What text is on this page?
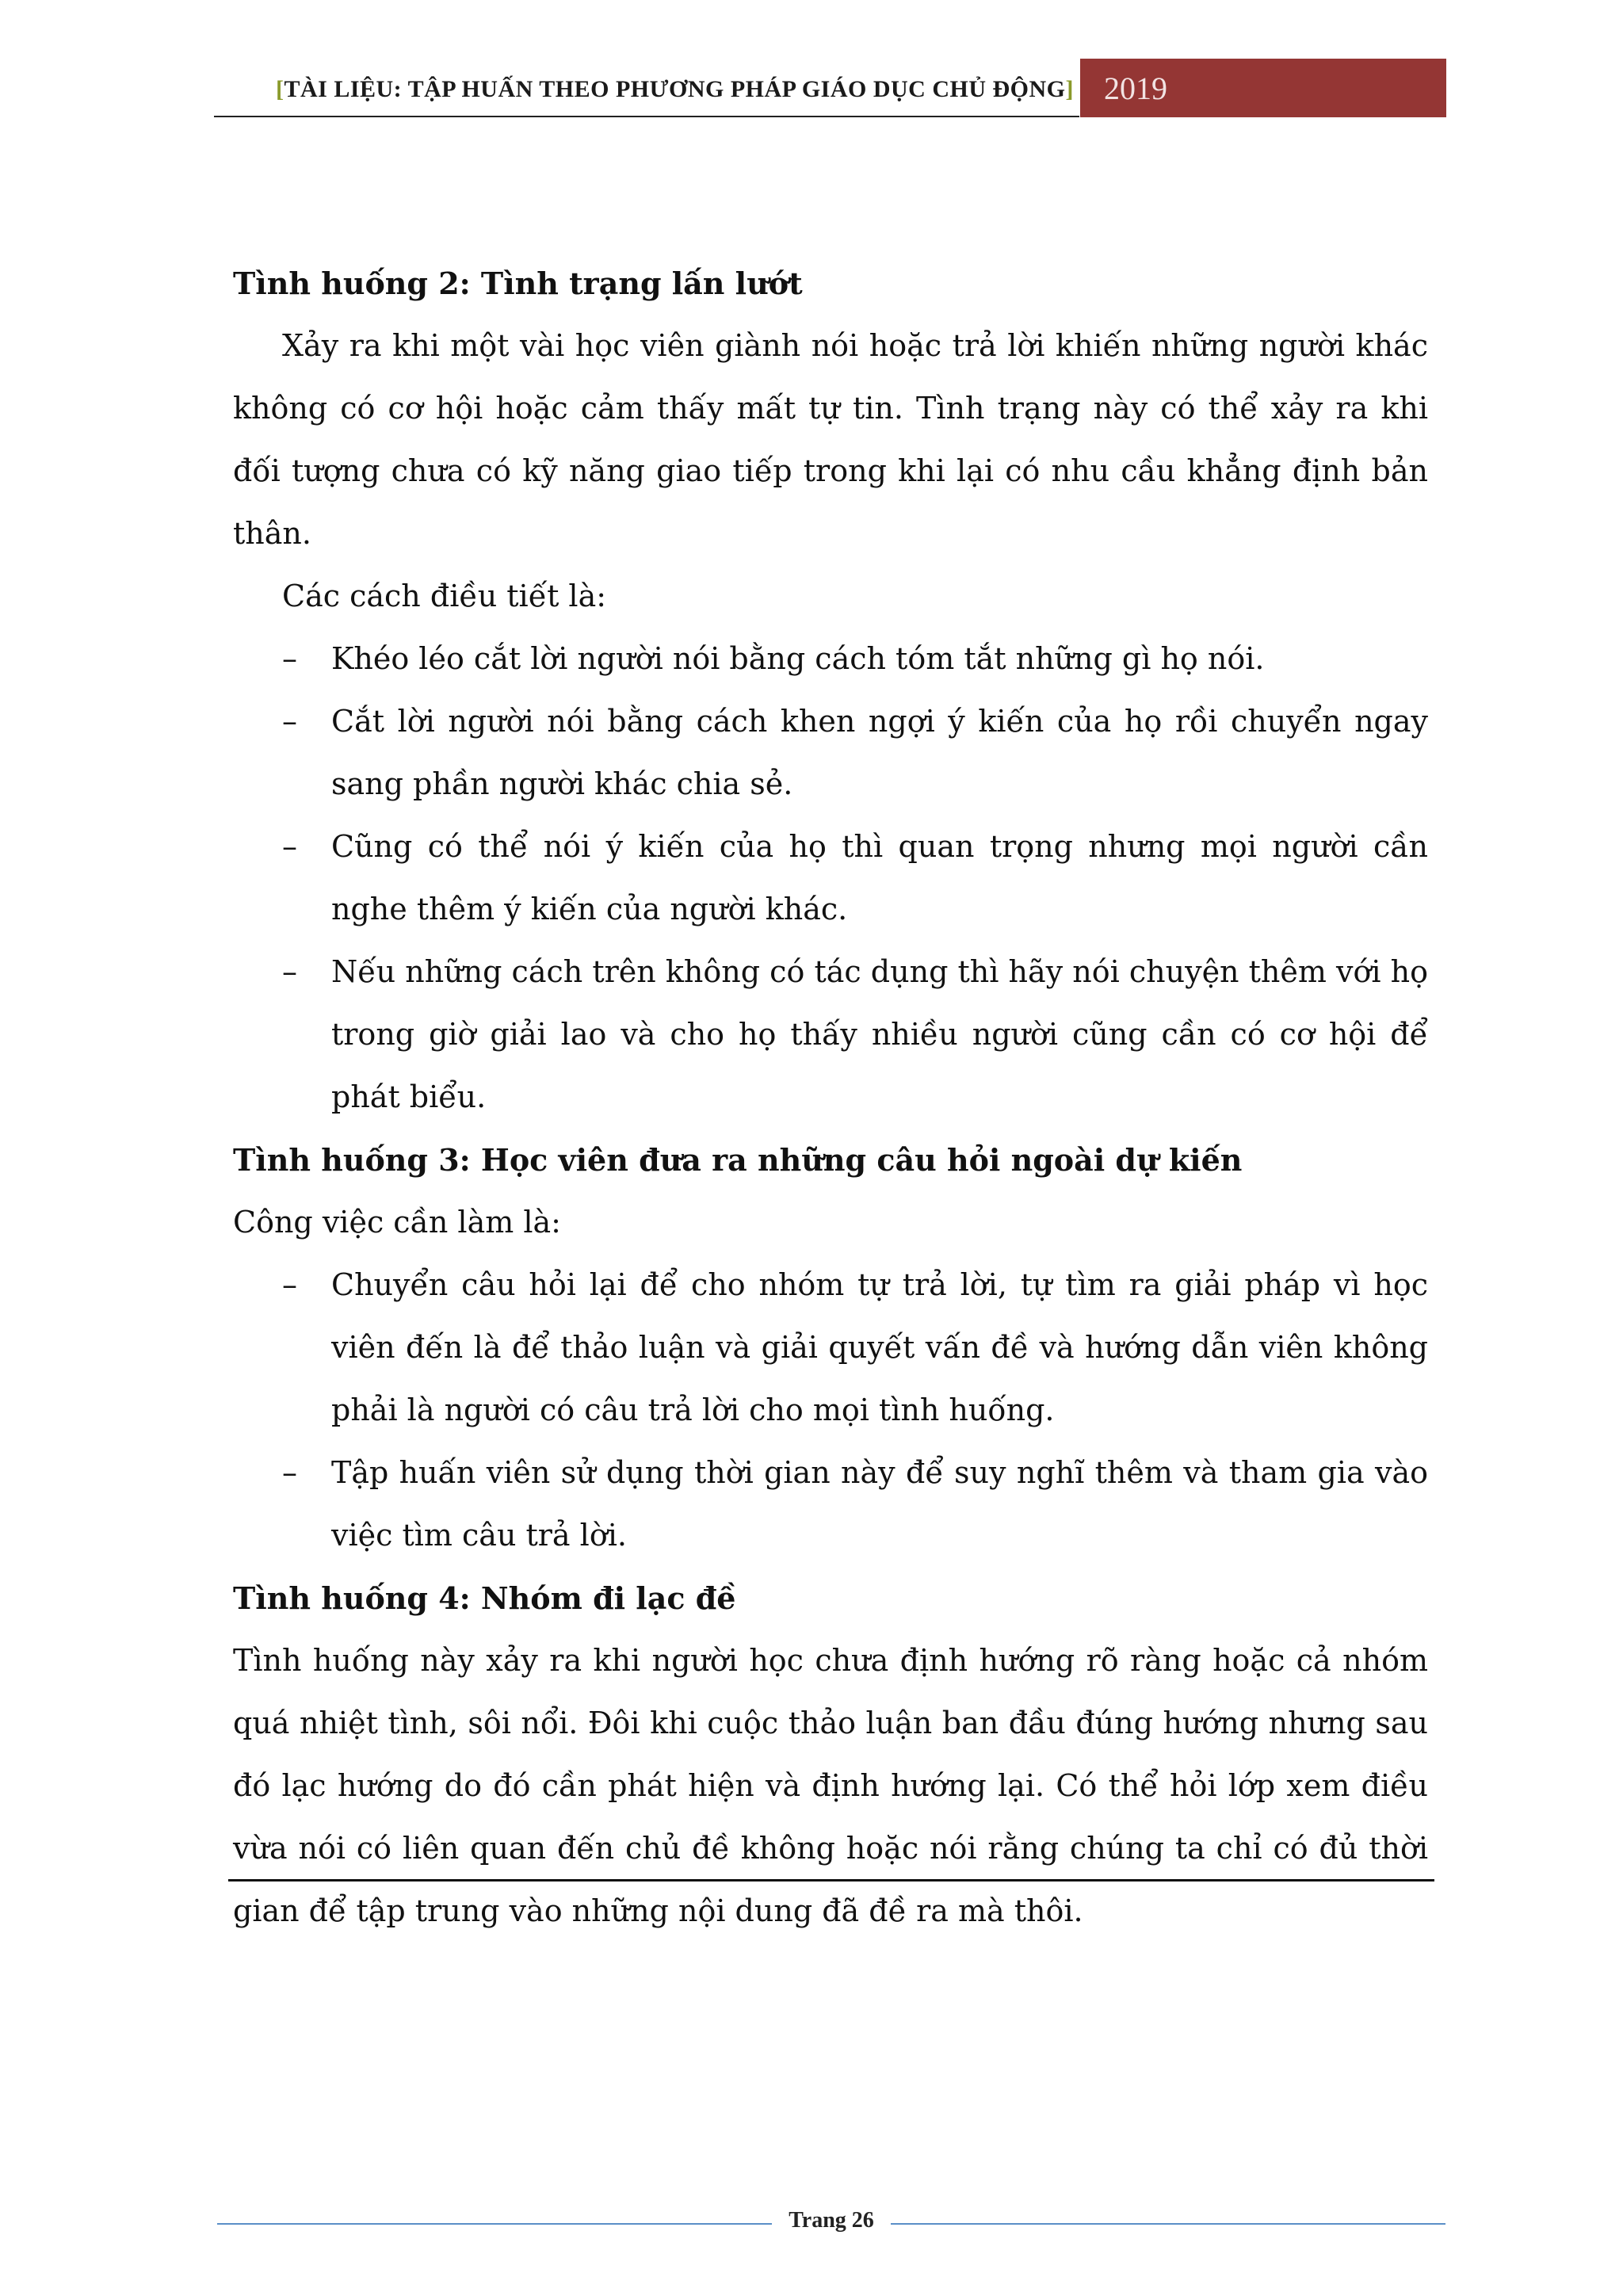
[TÀI LIỆU: TẬP HUẤN THEO PHƯƠNG PHÁP GIÁO DỤC CHỦ ĐỘNG] 2019

Tình huống 2: Tình trạng lấn lướt

Xảy ra khi một vài học viên giành nói hoặc trả lời khiến những người khác không có cơ hội hoặc cảm thấy mất tự tin. Tình trạng này có thể xảy ra khi đối tượng chưa có kỹ năng giao tiếp trong khi lại có nhu cầu khẳng định bản thân.

Các cách điều tiết là:

– Khéo léo cắt lời người nói bằng cách tóm tắt những gì họ nói.
– Cắt lời người nói bằng cách khen ngợi ý kiến của họ rồi chuyển ngay sang phần người khác chia sẻ.
– Cũng có thể nói ý kiến của họ thì quan trọng nhưng mọi người cần nghe thêm ý kiến của người khác.
– Nếu những cách trên không có tác dụng thì hãy nói chuyện thêm với họ trong giờ giải lao và cho họ thấy nhiều người cũng cần có cơ hội để phát biểu.

Tình huống 3: Học viên đưa ra những câu hỏi ngoài dự kiến

Công việc cần làm là:

– Chuyển câu hỏi lại để cho nhóm tự trả lời, tự tìm ra giải pháp vì học viên đến là để thảo luận và giải quyết vấn đề và hướng dẫn viên không phải là người có câu trả lời cho mọi tình huống.
– Tập huấn viên sử dụng thời gian này để suy nghĩ thêm và tham gia vào việc tìm câu trả lời.

Tình huống 4: Nhóm đi lạc đề

Tình huống này xảy ra khi người học chưa định hướng rõ ràng hoặc cả nhóm quá nhiệt tình, sôi nổi. Đôi khi cuộc thảo luận ban đầu đúng hướng nhưng sau đó lạc hướng do đó cần phát hiện và định hướng lại. Có thể hỏi lớp xem điều vừa nói có liên quan đến chủ đề không hoặc nói rằng chúng ta chỉ có đủ thời gian để tập trung vào những nội dung đã đề ra mà thôi.

Trang 26
